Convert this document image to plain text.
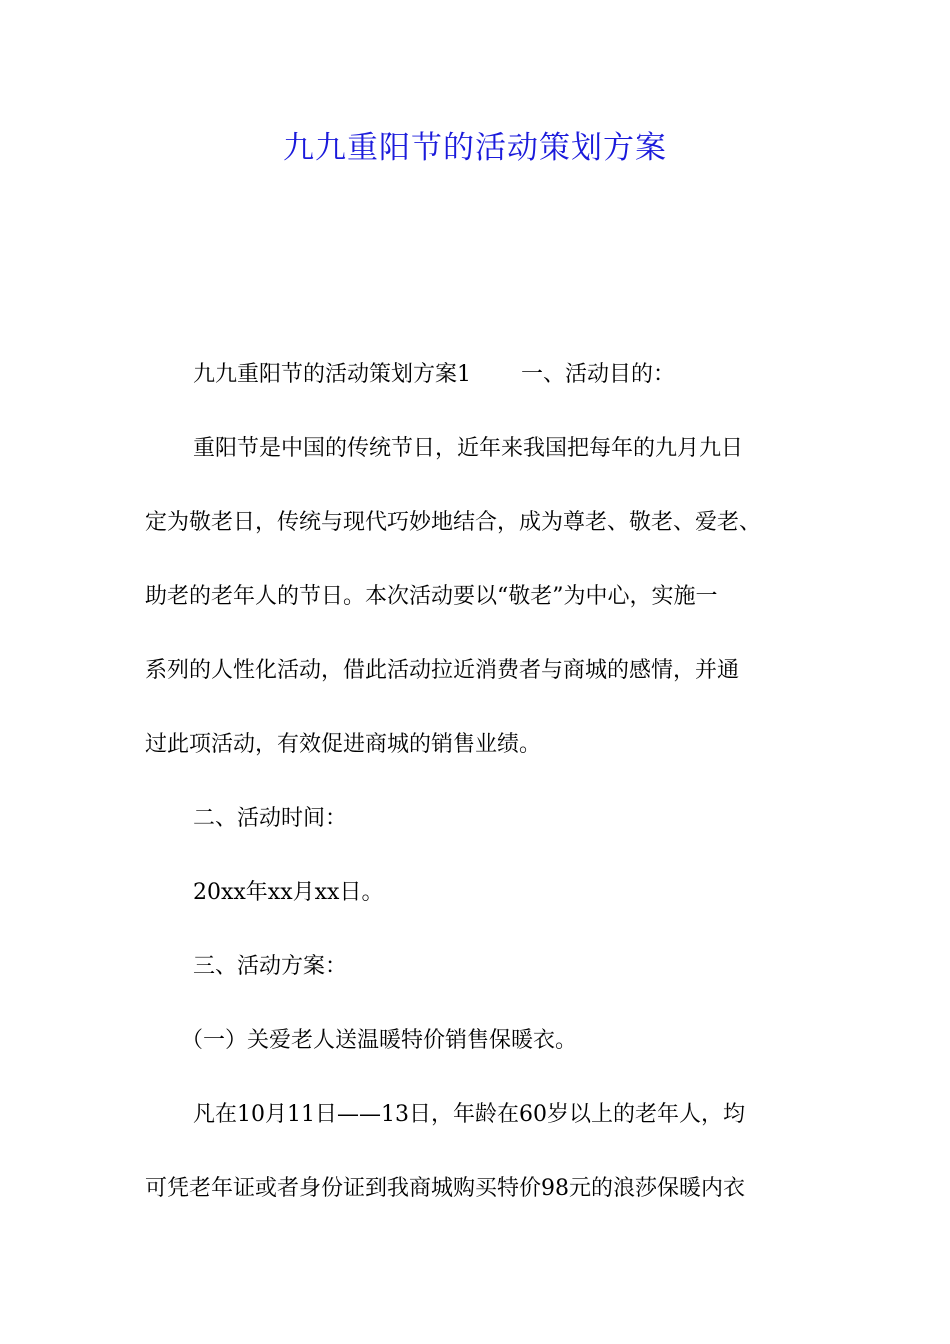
九九重阳节的活动策划方案

九九重阳节的活动策划方案1 一、活动目的：

重阳节是中国的传统节日，近年来我国把每年的九月九日

定为敬老日，传统与现代巧妙地结合，成为尊老、敬老、爱老、

助老的老年人的节日。本次活动要以“敬老”为中心，实施一

系列的人性化活动，借此活动拉近消费者与商城的感情，并通

过此项活动，有效促进商城的销售业绩。

二、活动时间：

20xx年xx月xx日。

三、活动方案：

（一）关爱老人送温暖特价销售保暖衣。

凡在10月11日——13日，年龄在60岁以上的老年人，均

可凭老年证或者身份证到我商城购买特价98元的浪莎保暖内衣
